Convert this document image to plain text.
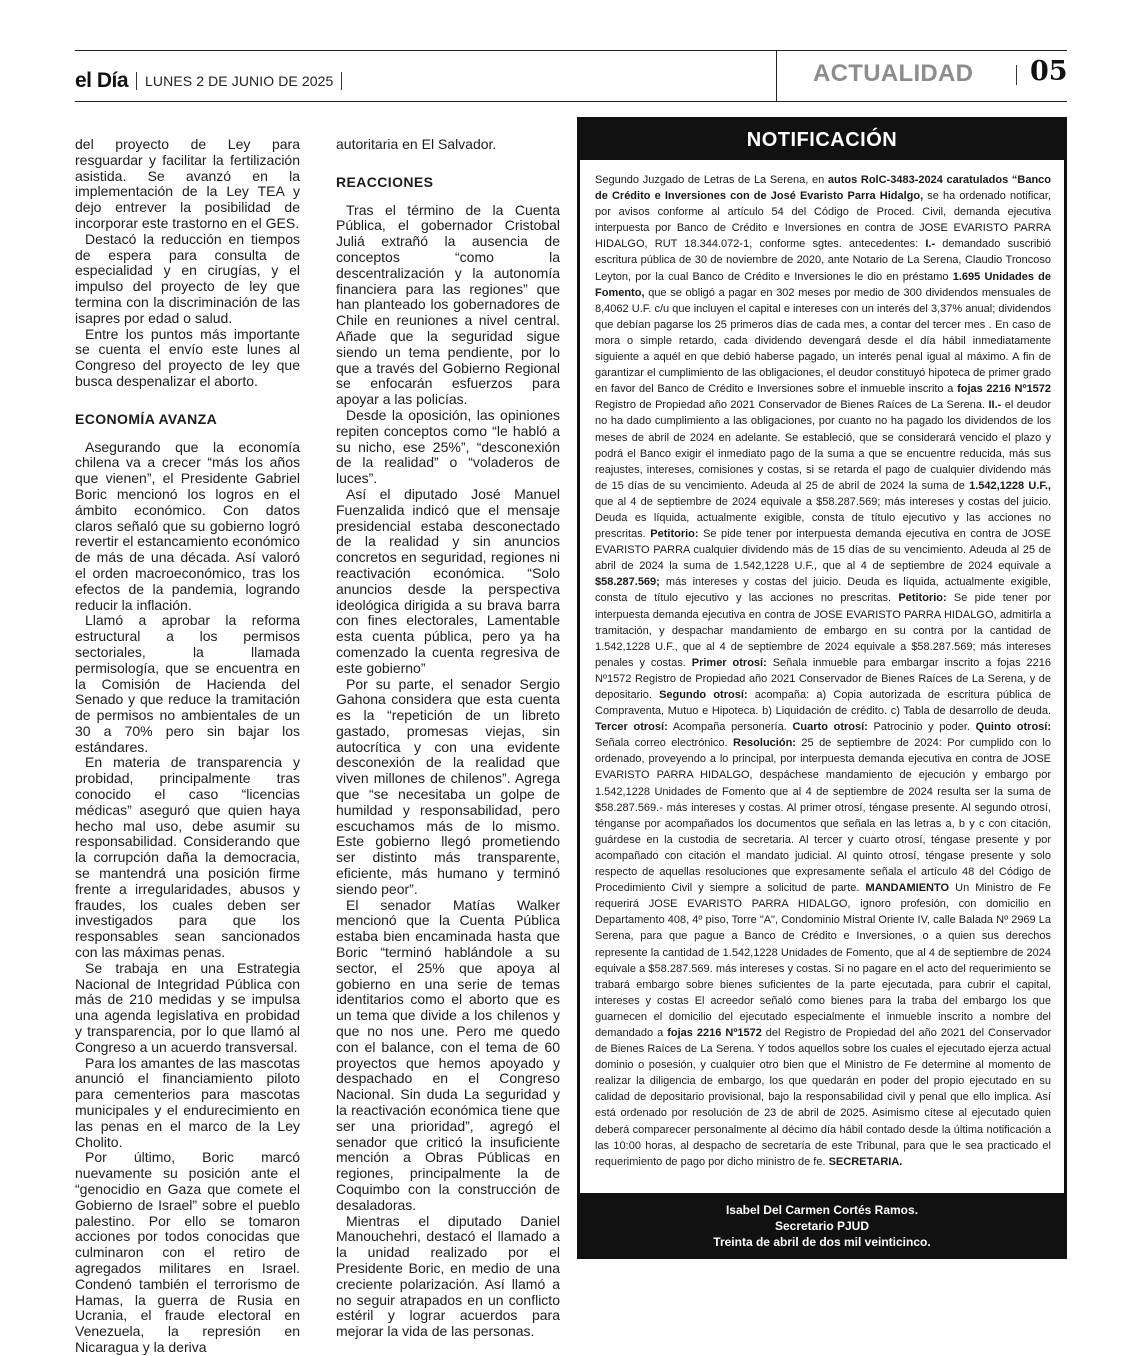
el Día LUNES 2 DE JUNIO DE 2025	ACTUALIDAD 05

del proyecto de Ley para resguardar y facilitar la fertilización asistida. Se avanzó en la implementación de la Ley TEA y dejo entrever la posibilidad de incorporar este trastorno en el GES.

Destacó la reducción en tiempos de espera para consulta de especialidad y en cirugías, y el impulso del proyecto de ley que termina con la discriminación de las isapres por edad o salud.

Entre los puntos más importante se cuenta el envío este lunes al Congreso del proyecto de ley que busca despenalizar el aborto.

ECONOMÍA AVANZA

Asegurando que la economía chilena va a crecer “más los años que vienen”, el Presidente Gabriel Boric mencionó los logros en el ámbito económico. Con datos claros señaló que su gobierno logró revertir el estancamiento económico de más de una década. Así valoró el orden macroeconómico, tras los efectos de la pandemia, logrando reducir la inflación.

Llamó a aprobar la reforma estructural a los permisos sectoriales, la llamada permisología, que se encuentra en la Comisión de Hacienda del Senado y que reduce la tramitación de permisos no ambientales de un 30 a 70% pero sin bajar los estándares.

En materia de transparencia y probidad, principalmente tras conocido el caso “licencias médicas” aseguró que quien haya hecho mal uso, debe asumir su responsabilidad. Considerando que la corrupción daña la democracia, se mantendrá una posición firme frente a irregularidades, abusos y fraudes, los cuales deben ser investigados para que los responsables sean sancionados con las máximas penas.

Se trabaja en una Estrategia Nacional de Integridad Pública con más de 210 medidas y se impulsa una agenda legislativa en probidad y transparencia, por lo que llamó al Congreso a un acuerdo transversal.

Para los amantes de las mascotas anunció el financiamiento piloto para cementerios para mascotas municipales y el endurecimiento en las penas en el marco de la Ley Cholito.

Por último, Boric marcó nuevamente su posición ante el “genocidio en Gaza que comete el Gobierno de Israel” sobre el pueblo palestino. Por ello se tomaron acciones por todos conocidas que culminaron con el retiro de agregados militares en Israel. Condenó también el terrorismo de Hamas, la guerra de Rusia en Ucrania, el fraude electoral en Venezuela, la represión en Nicaragua y la deriva

autoritaria en El Salvador.

REACCIONES

Tras el término de la Cuenta Pública, el gobernador Cristobal Juliá extrañó la ausencia de conceptos “como la descentralización y la autonomía financiera para las regiones” que han planteado los gobernadores de Chile en reuniones a nivel central. Añade que la seguridad sigue siendo un tema pendiente, por lo que a través del Gobierno Regional se enfocarán esfuerzos para apoyar a las policías.

Desde la oposición, las opiniones repiten conceptos como “le habló a su nicho, ese 25%”, “desconexión de la realidad” o “voladeros de luces”.

Así el diputado José Manuel Fuenzalida indicó que el mensaje presidencial estaba desconectado de la realidad y sin anuncios concretos en seguridad, regiones ni reactivación económica. “Solo anuncios desde la perspectiva ideológica dirigida a su brava barra con fines electorales, Lamentable esta cuenta pública, pero ya ha comenzado la cuenta regresiva de este gobierno”

Por su parte, el senador Sergio Gahona considera que esta cuenta es la “repetición de un libreto gastado, promesas viejas, sin autocrítica y con una evidente desconexión de la realidad que viven millones de chilenos”. Agrega que “se necesitaba un golpe de humildad y responsabilidad, pero escuchamos más de lo mismo. Este gobierno llegó prometiendo ser distinto más transparente, eficiente, más humano y terminó siendo peor”.

El senador Matías Walker mencionó que la Cuenta Pública estaba bien encaminada hasta que Boric “terminó hablándole a su sector, el 25% que apoya al gobierno en una serie de temas identitarios como el aborto que es un tema que divide a los chilenos y que no nos une. Pero me quedo con el balance, con el tema de 60 proyectos que hemos apoyado y despachado en el Congreso Nacional. Sin duda La seguridad y la reactivación económica tiene que ser una prioridad”, agregó el senador que criticó la insuficiente mención a Obras Públicas en regiones, principalmente la de Coquimbo con la construcción de desaladoras.

Mientras el diputado Daniel Manouchehri, destacó el llamado a la unidad realizado por el Presidente Boric, en medio de una creciente polarización. Así llamó a no seguir atrapados en un conflicto estéril y lograr acuerdos para mejorar la vida de las personas.

NOTIFICACIÓN
Segundo Juzgado de Letras de La Serena, en autos RolC-3483-2024 caratulados “Banco de Crédito e Inversiones con de José Evaristo Parra Hidalgo, se ha ordenado notificar, por avisos conforme al artículo 54 del Código de Proced. Civil, demanda ejecutiva interpuesta por Banco de Crédito e Inversiones en contra de JOSE EVARISTO PARRA HIDALGO, RUT 18.344.072-1, conforme sgtes. antecedentes: I.- demandado suscribió escritura pública de 30 de noviembre de 2020, ante Notario de La Serena, Claudio Troncoso Leyton, por la cual Banco de Crédito e Inversiones le dio en préstamo 1.695 Unidades de Fomento, que se obligó a pagar en 302 meses por medio de 300 dividendos mensuales de 8,4062 U.F. c/u que incluyen el capital e intereses con un interés del 3,37% anual; dividendos que debían pagarse los 25 primeros días de cada mes, a contar del tercer mes . En caso de mora o simple retardo, cada dividendo devengará desde el día hábil inmediatamente siguiente a aquél en que debió haberse pagado, un interés penal igual al máximo. A fin de garantizar el cumplimiento de las obligaciones, el deudor constituyó hipoteca de primer grado en favor del Banco de Crédito e Inversiones sobre el inmueble inscrito a fojas 2216 Nº1572 Registro de Propiedad año 2021 Conservador de Bienes Raíces de La Serena. II.- el deudor no ha dado cumplimiento a las obligaciones, por cuanto no ha pagado los dividendos de los meses de abril de 2024 en adelante. Se estableció, que se considerará vencido el plazo y podrá el Banco exigir el inmediato pago de la suma a que se encuentre reducida, más sus reajustes, intereses, comisiones y costas, si se retarda el pago de cualquier dividendo más de 15 días de su vencimiento. Adeuda al 25 de abril de 2024 la suma de 1.542,1228 U.F., que al 4 de septiembre de 2024 equivale a $58.287.569; más intereses y costas del juicio. Deuda es líquida, actualmente exigible, consta de título ejecutivo y las acciones no prescritas. Petitorio: Se pide tener por interpuesta demanda ejecutiva en contra de JOSE EVARISTO PARRA cualquier dividendo más de 15 días de su vencimiento. Adeuda al 25 de abril de 2024 la suma de 1.542,1228 U.F., que al 4 de septiembre de 2024 equivale a $58.287.569; más intereses y costas del juicio. Deuda es líquida, actualmente exigible, consta de título ejecutivo y las acciones no prescritas. Petitorio: Se pide tener por interpuesta demanda ejecutiva en contra de JOSE EVARISTO PARRA HIDALGO, admitirla a tramitación, y despachar mandamiento de embargo en su contra por la cantidad de 1.542,1228 U.F., que al 4 de septiembre de 2024 equivale a $58.287.569; más intereses penales y costas. Primer otrosí: Señala inmueble para embargar inscrito a fojas 2216 Nº1572 Registro de Propiedad año 2021 Conservador de Bienes Raíces de La Serena, y de depositario. Segundo otrosí: acompaña: a) Copia autorizada de escritura pública de Compraventa, Mutuo e Hipoteca. b) Liquidación de crédito. c) Tabla de desarrollo de deuda. Tercer otrosí: Acompaña personería. Cuarto otrosí: Patrocinio y poder. Quinto otrosí: Señala correo electrónico. Resolución: 25 de septiembre de 2024: Por cumplido con lo ordenado, proveyendo a lo principal, por interpuesta demanda ejecutiva en contra de JOSE EVARISTO PARRA HIDALGO, despáchese mandamiento de ejecución y embargo por 1.542,1228 Unidades de Fomento que al 4 de septiembre de 2024 resulta ser la suma de $58.287.569.- más intereses y costas. Al primer otrosí, téngase presente. Al segundo otrosí, ténganse por acompañados los documentos que señala en las letras a, b y c con citación, guárdese en la custodia de secretaria. Al tercer y cuarto otrosí, téngase presente y por acompañado con citación el mandato judicial. Al quinto otrosí, téngase presente y solo respecto de aquellas resoluciones que expresamente señala el artículo 48 del Código de Procedimiento Civil y siempre a solicitud de parte. MANDAMIENTO Un Ministro de Fe requerirá JOSE EVARISTO PARRA HIDALGO, ignoro profesión, con domicilio en Departamento 408, 4º piso, Torre "A", Condominio Mistral Oriente IV, calle Balada Nº 2969 La Serena, para que pague a Banco de Crédito e Inversiones, o a quien sus derechos represente la cantidad de 1.542,1228 Unidades de Fomento, que al 4 de septiembre de 2024 equivale a $58.287.569. más intereses y costas. Si no pagare en el acto del requerimiento se trabará embargo sobre bienes suficientes de la parte ejecutada, para cubrir el capital, intereses y costas El acreedor señaló como bienes para la traba del embargo los que guarnecen el domicilio del ejecutado especialmente el inmueble inscrito a nombre del demandado a fojas 2216 Nº1572 del Registro de Propiedad del año 2021 del Conservador de Bienes Raíces de La Serena. Y todos aquellos sobre los cuales el ejecutado ejerza actual dominio o posesión, y cualquier otro bien que el Ministro de Fe determine al momento de realizar la diligencia de embargo, los que quedarán en poder del propio ejecutado en su calidad de depositario provisional, bajo la responsabilidad civil y penal que ello implica. Así está ordenado por resolución de 23 de abril de 2025. Asimismo cítese al ejecutado quien deberá comparecer personalmente al décimo día hábil contado desde la última notificación a las 10:00 horas, al despacho de secretaría de este Tribunal, para que le sea practicado el requerimiento de pago por dicho ministro de fe. SECRETARIA.
Isabel Del Carmen Cortés Ramos.
Secretario PJUD
Treinta de abril de dos mil veinticinco.
